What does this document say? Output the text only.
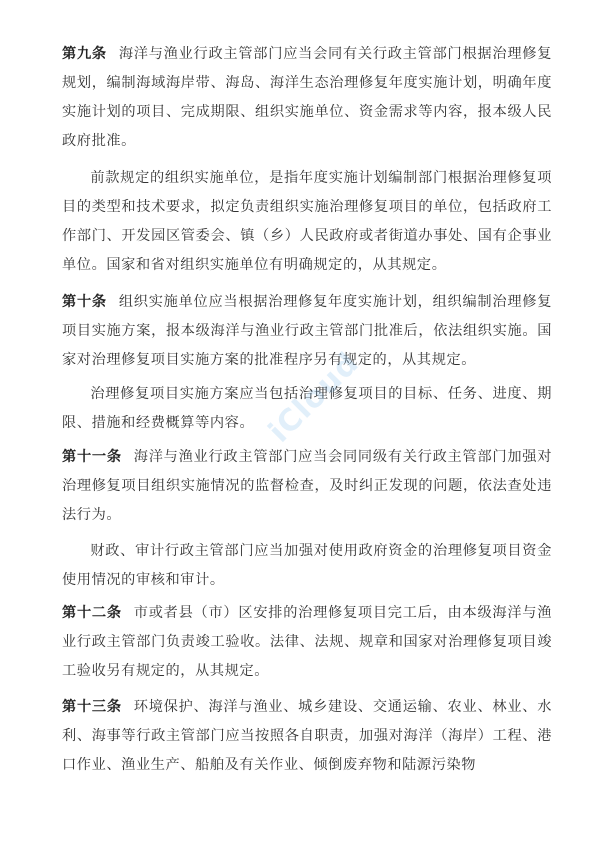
第九条 海洋与渔业行政主管部门应当会同有关行政主管部门根据治理修复规划，编制海域海岸带、海岛、海洋生态治理修复年度实施计划，明确年度实施计划的项目、完成期限、组织实施单位、资金需求等内容，报本级人民政府批准。

前款规定的组织实施单位，是指年度实施计划编制部门根据治理修复项目的类型和技术要求，拟定负责组织实施治理修复项目的单位，包括政府工作部门、开发园区管委会、镇（乡）人民政府或者街道办事处、国有企事业单位。国家和省对组织实施单位有明确规定的，从其规定。

第十条 组织实施单位应当根据治理修复年度实施计划，组织编制治理修复项目实施方案，报本级海洋与渔业行政主管部门批准后，依法组织实施。国家对治理修复项目实施方案的批准程序另有规定的，从其规定。

治理修复项目实施方案应当包括治理修复项目的目标、任务、进度、期限、措施和经费概算等内容。

第十一条 海洋与渔业行政主管部门应当会同同级有关行政主管部门加强对治理修复项目组织实施情况的监督检查，及时纠正发现的问题，依法查处违法行为。

财政、审计行政主管部门应当加强对使用政府资金的治理修复项目资金使用情况的审核和审计。

第十二条 市或者县（市）区安排的治理修复项目完工后，由本级海洋与渔业行政主管部门负责竣工验收。法律、法规、规章和国家对治理修复项目竣工验收另有规定的，从其规定。

第十三条 环境保护、海洋与渔业、城乡建设、交通运输、农业、林业、水利、海事等行政主管部门应当按照各自职责，加强对海洋（海岸）工程、港口作业、渔业生产、船舶及有关作业、倾倒废弃物和陆源污染物

iCloud
